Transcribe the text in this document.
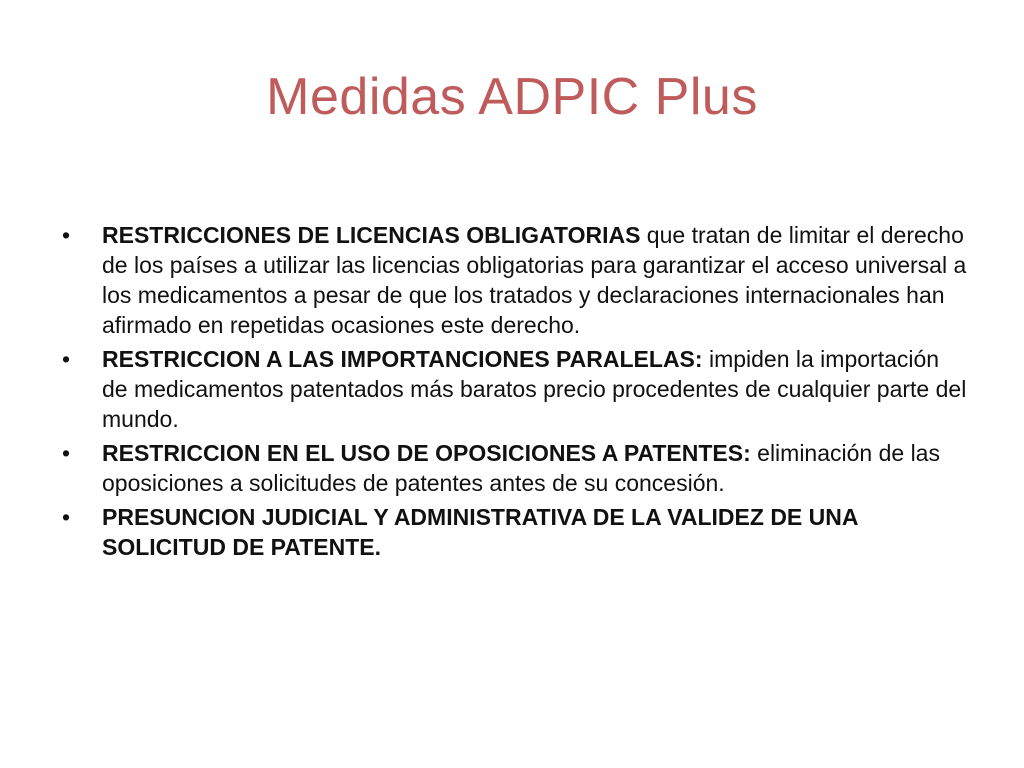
Medidas ADPIC Plus
• RESTRICCIONES DE LICENCIAS OBLIGATORIAS que tratan de limitar el derecho de los países a utilizar las licencias obligatorias para garantizar el acceso universal a los medicamentos a pesar de que los tratados y declaraciones internacionales han afirmado en repetidas ocasiones este derecho.
• RESTRICCION A LAS IMPORTANCIONES PARALELAS: impiden la importación de medicamentos patentados más baratos precio procedentes de cualquier parte del mundo.
• RESTRICCION EN EL USO DE OPOSICIONES A PATENTES: eliminación de las oposiciones a solicitudes de patentes antes de su concesión.
• PRESUNCION JUDICIAL Y ADMINISTRATIVA DE LA VALIDEZ DE UNA SOLICITUD DE PATENTE.
